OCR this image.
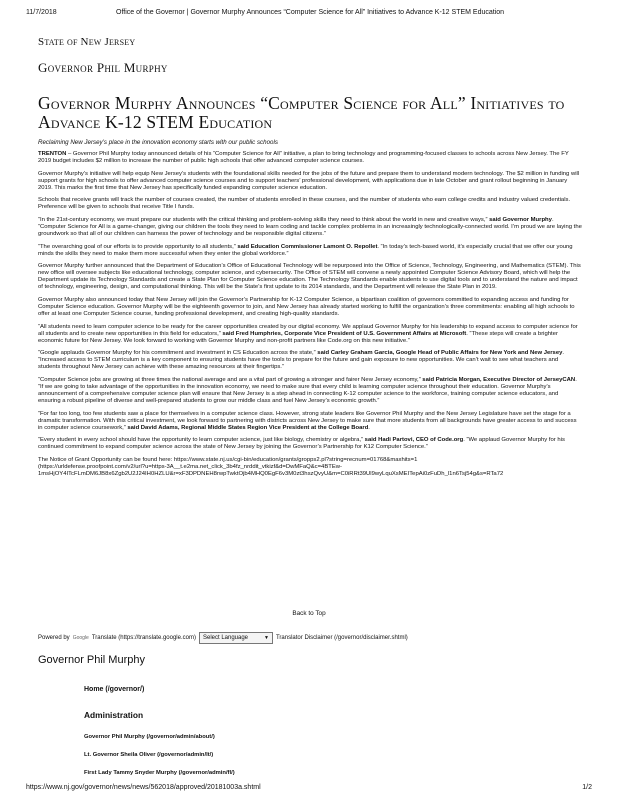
11/7/2018	Office of the Governor | Governor Murphy Announces “Computer Science for All” Initiatives to Advance K-12 STEM Education
State of New Jersey
Governor Phil Murphy
Governor Murphy Announces “Computer Science for All” Initiatives to Advance K-12 STEM Education
Reclaiming New Jersey’s place in the innovation economy starts with our public schools

TRENTON – Governor Phil Murphy today announced details of his “Computer Science for All” initiative, a plan to bring technology and programming-focused classes to schools across New Jersey. The FY 2019 budget includes $2 million to increase the number of public high schools that offer advanced computer science courses.

Governor Murphy’s initiative will help equip New Jersey’s students with the foundational skills needed for the jobs of the future and prepare them to understand modern technology. The $2 million in funding will support grants for high schools to offer advanced computer science courses and to support teachers’ professional development, with applications due in late October and grant rollout beginning in January 2019. This marks the first time that New Jersey has specifically funded expanding computer science education.

Schools that receive grants will track the number of courses created, the number of students enrolled in these courses, and the number of students who earn college credits and industry valued credentials. Preference will be given to schools that receive Title I funds.

“In the 21st-century economy, we must prepare our students with the critical thinking and problem-solving skills they need to think about the world in new and creative ways,” said Governor Murphy. “Computer Science for All is a game-changer, giving our children the tools they need to learn coding and tackle complex problems in an increasingly technologically-connected world. I’m proud we are laying the groundwork so that all of our children can harness the power of technology and be responsible digital citizens.”

“The overarching goal of our efforts is to provide opportunity to all students,” said Education Commissioner Lamont O. Repollet. “In today’s tech-based world, it’s especially crucial that we offer our young minds the skills they need to make them more successful when they enter the global workforce.”

Governor Murphy further announced that the Department of Education’s Office of Educational Technology will be repurposed into the Office of Science, Technology, Engineering, and Mathematics (STEM). This new office will oversee subjects like educational technology, computer science, and cybersecurity. The Office of STEM will convene a newly appointed Computer Science Advisory Board, which will help the Department update its Technology Standards and create a State Plan for Computer Science education. The Technology Standards enable students to use digital tools and to understand the nature and impact of technology, engineering, design, and computational thinking. This will be the State’s first update to its 2014 standards, and the Department will release the State Plan in 2019.

Governor Murphy also announced today that New Jersey will join the Governor’s Partnership for K-12 Computer Science, a bipartisan coalition of governors committed to expanding access and funding for Computer Science education. Governor Murphy will be the eighteenth governor to join, and New Jersey has already started working to fulfill the organization’s three commitments: enabling all high schools to offer at least one Computer Science course, funding professional development, and creating high-quality standards.

“All students need to learn computer science to be ready for the career opportunities created by our digital economy. We applaud Governor Murphy for his leadership to expand access to computer science for all students and to create new opportunities in this field for educators,” said Fred Humphries, Corporate Vice President of U.S. Government Affairs at Microsoft. “These steps will create a brighter economic future for New Jersey. We look forward to working with Governor Murphy and non-profit partners like Code.org on this new initiative.”

“Google applauds Governor Murphy for his commitment and investment in CS Education across the state,” said Carley Graham Garcia, Google Head of Public Affairs for New York and New Jersey. “Increased access to STEM curriculum is a key component to ensuring students have the tools to prepare for the future and gain exposure to new opportunities. We can’t wait to see what teachers and students throughout New Jersey can achieve with these amazing resources at their fingertips.”

“Computer Science jobs are growing at three times the national average and are a vital part of growing a stronger and fairer New Jersey economy,” said Patricia Morgan, Executive Director of JerseyCAN. “If we are going to take advantage of the opportunities in the innovation economy, we need to make sure that every child is learning computer science throughout their education. Governor Murphy’s announcement of a comprehensive computer science plan will ensure that New Jersey is a step ahead in connecting K-12 computer science to the workforce, training computer science educators, and ensuring a robust pipeline of diverse and well-prepared students to grow our middle class and fuel New Jersey’s economic growth.”

“For far too long, too few students saw a place for themselves in a computer science class. However, strong state leaders like Governor Phil Murphy and the New Jersey Legislature have set the stage for a dramatic transformation. With this critical investment, we look forward to partnering with districts across New Jersey to make sure that more students from all backgrounds have greater access to and success in computer science coursework,” said David Adams, Regional Middle States Region Vice President at the College Board.

“Every student in every school should have the opportunity to learn computer science, just like biology, chemistry or algebra,” said Hadi Partovi, CEO of Code.org. “We applaud Governor Murphy for his continued commitment to expand computer science across the state of New Jersey by joining the Governor’s Partnership for K12 Computer Science.”

The Notice of Grant Opportunity can be found here: https://www.state.nj.us/cgi-bin/education/grants/gropps2.pl?string=recnum=01768&maxhits=1
(https://urldefense.proofpoint.com/v2/url?u=https-3A__t.e2ma.net_click_3b4fz_nrddit_vtkizf&d=DwMFaQ&c=4BTEw-
1msHjOY4ITcFLmDM6JB8x6Zgb2U2J24IH0HZLU&r=xF3DPDNEH8rwpTwktOjb4MHQ0EgF6v3M0zt3hszQvyU&m=C0iRRt39Ul9wyLquXsMEITepAi0zFuDh_l1n6Tsj54g&s=RTa72

Back to Top
Powered by Google Translate (https://translate.google.com) Select Language	▼ Translator Disclaimer (/governor/disclaimer.shtml)
Governor Phil Murphy
Home (/governor/)
Administration
Governor Phil Murphy (/governor/admin/about/)
Lt. Governor Sheila Oliver (/governor/admin/lt/)
First Lady Tammy Snyder Murphy (/governor/admin/fl/)
https://www.nj.gov/governor/news/news/562018/approved/20181003a.shtml	1/2
